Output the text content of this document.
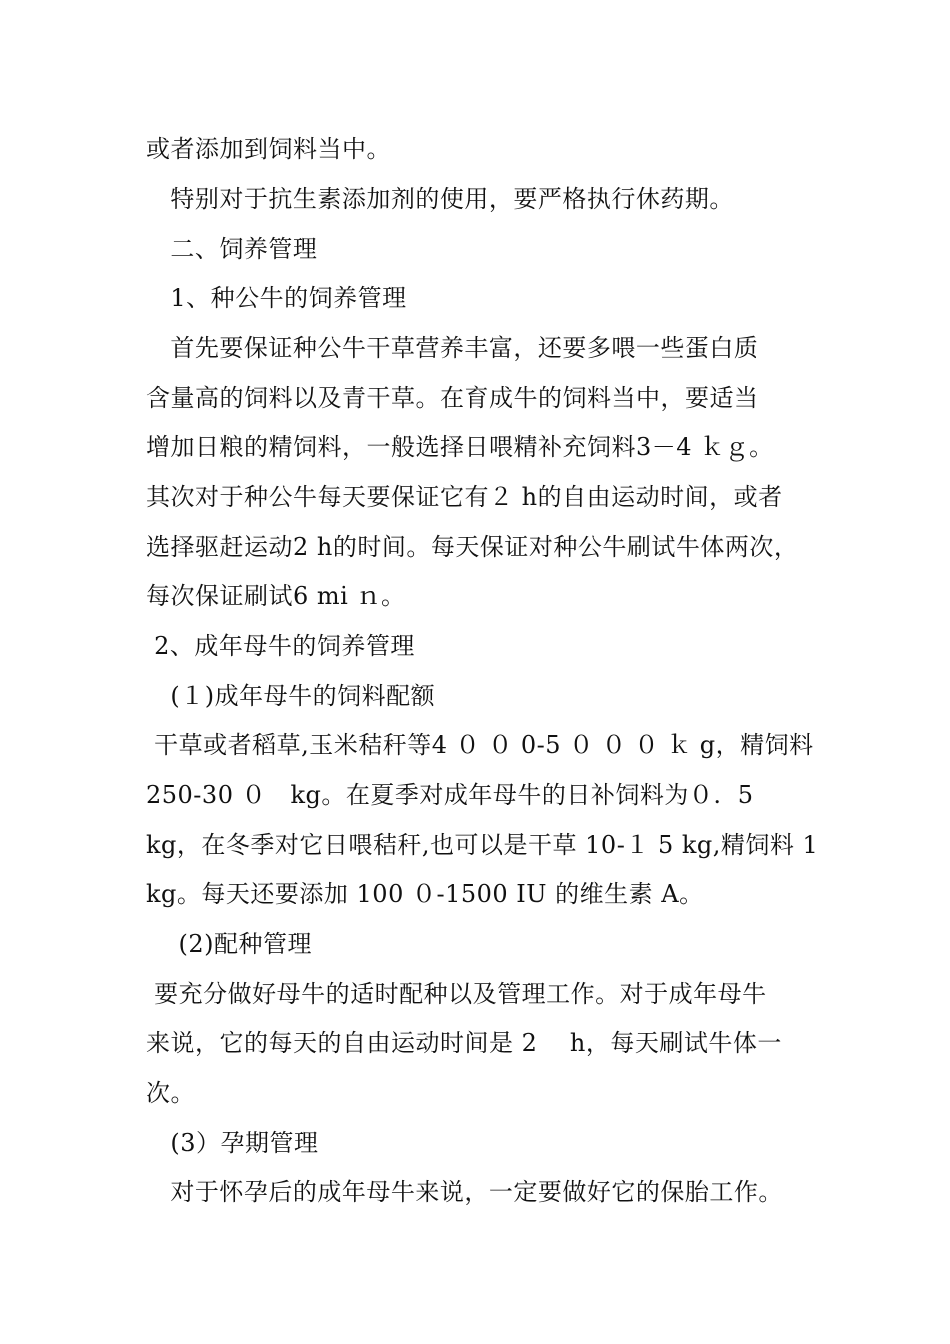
或者添加到饲料当中。
特别对于抗生素添加剂的使用，要严格执行休药期。
二、饲养管理
1、种公牛的饲养管理
首先要保证种公牛干草营养丰富，还要多喂一些蛋白质
含量高的饲料以及青干草。在育成牛的饲料当中，要适当
增加日粮的精饲料，一般选择日喂精补充饲料3－4 ｋｇ。
其次对于种公牛每天要保证它有２ h的自由运动时间，或者
选择驱赶运动2 h的时间。每天保证对种公牛刷试牛体两次，
每次保证刷试6 mi ｎ。
2、成年母牛的饲养管理
(１)成年母牛的饲料配额
干草或者稻草,玉米秸秆等4 ０ ０ 0-5 ０ ０ ０ ｋ g，精饲料
250-30 ０   kg。在夏季对成年母牛的日补饲料为０.  5
kg，在冬季对它日喂秸秆,也可以是干草 10-１ 5 kg,精饲料 1
kg。每天还要添加 100 ０-1500 IU 的维生素 A。
(2)配种管理
要充分做好母牛的适时配种以及管理工作。对于成年母牛
来说，它的每天的自由运动时间是 2    h，每天刷试牛体一
次。
(3）孕期管理
对于怀孕后的成年母牛来说，一定要做好它的保胎工作。
